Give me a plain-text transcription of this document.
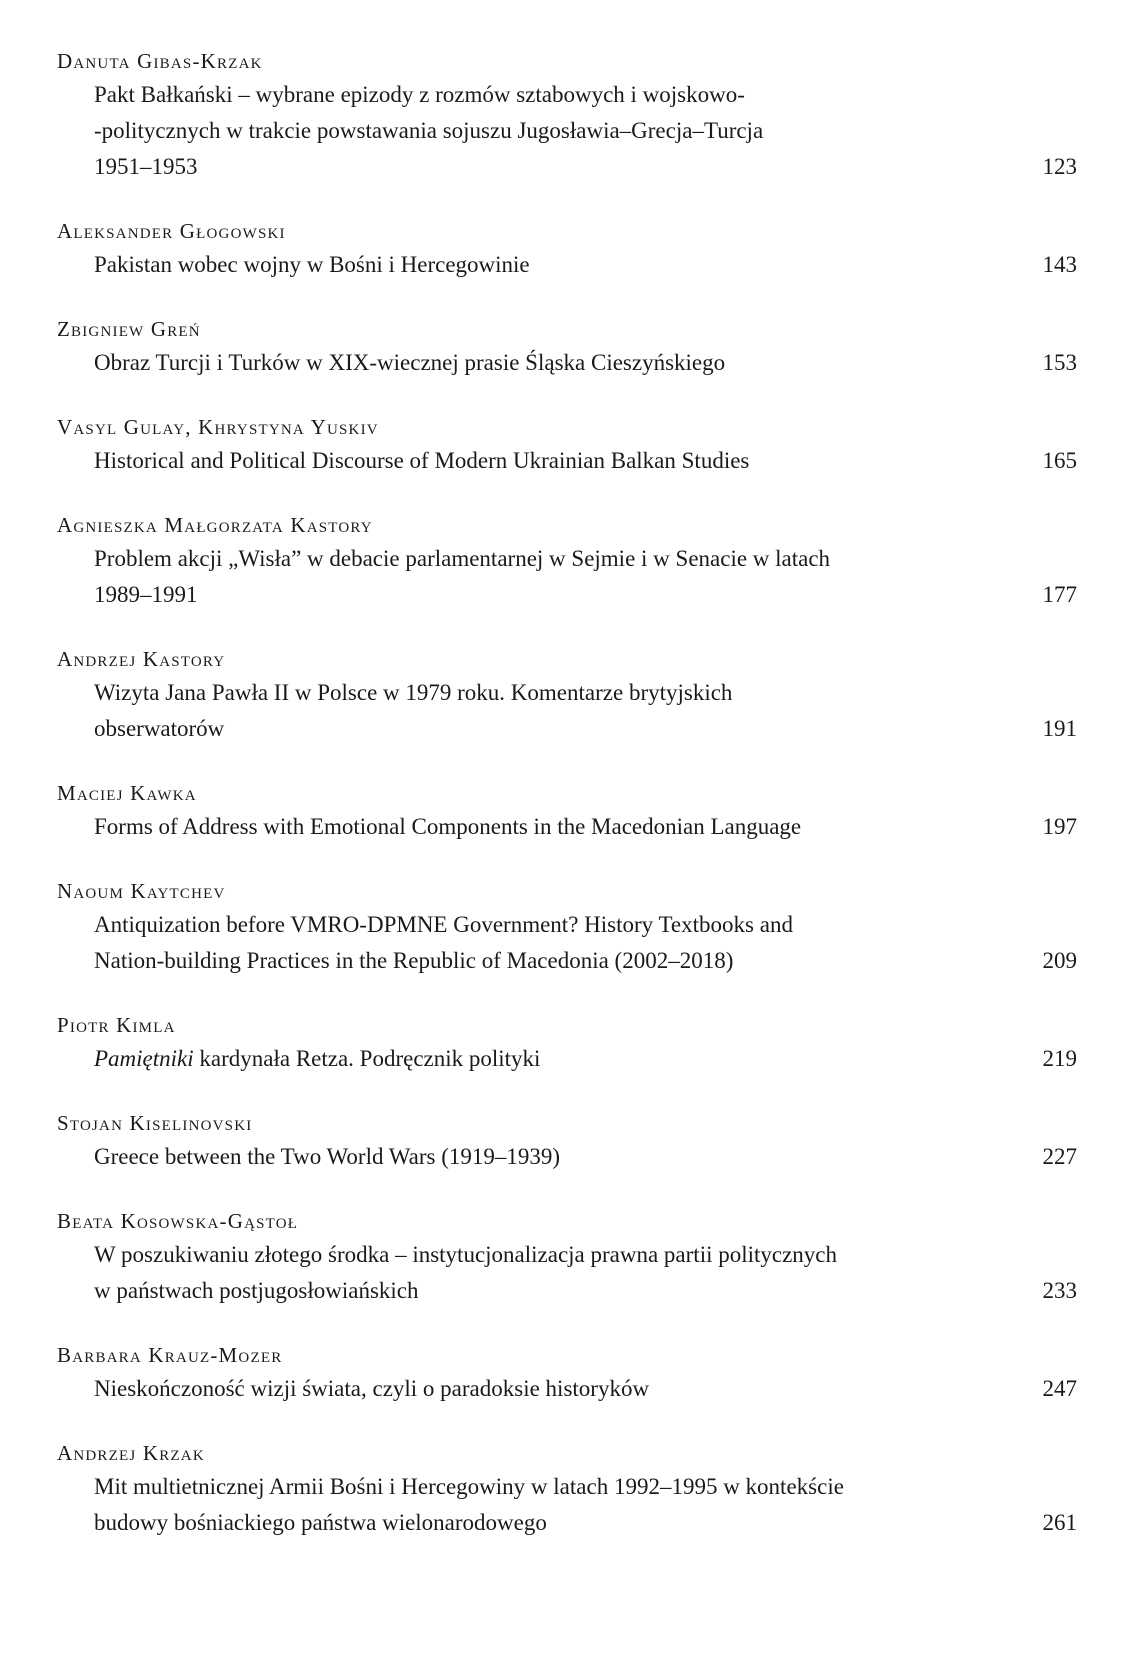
Danuta Gibas-Krzak
Pakt Bałkański – wybrane epizody z rozmów sztabowych i wojskowo-
-politycznych w trakcie powstawania sojuszu Jugosławia–Grecja–Turcja
1951–1953	123
Aleksander Głogowski
Pakistan wobec wojny w Bośni i Hercegowinie	143
Zbigniew Greń
Obraz Turcji i Turków w XIX-wiecznej prasie Śląska Cieszyńskiego	153
Vasyl Gulay, Khrystyna Yuskiv
Historical and Political Discourse of Modern Ukrainian Balkan Studies	165
Agnieszka Małgorzata Kastory
Problem akcji „Wisła” w debacie parlamentarnej w Sejmie i w Senacie w latach
1989–1991	177
Andrzej Kastory
Wizyta Jana Pawła II w Polsce w 1979 roku. Komentarze brytyjskich
obserwatorów	191
Maciej Kawka
Forms of Address with Emotional Components in the Macedonian Language	197
Naoum Kaytchev
Antiquization before VMRO-DPMNE Government? History Textbooks and
Nation-building Practices in the Republic of Macedonia (2002–2018)	209
Piotr Kimla
Pamiętniki kardynała Retza. Podręcznik polityki	219
Stojan Kiselinovski
Greece between the Two World Wars (1919–1939)	227
Beata Kosowska-Gąstoł
W poszukiwaniu złotego środka – instytucjonalizacja prawna partii politycznych
w państwach postjugosłowiańskich	233
Barbara Krauz-Mozer
Nieskończoność wizji świata, czyli o paradoksie historyków	247
Andrzej Krzak
Mit multietnicznej Armii Bośni i Hercegowiny w latach 1992–1995 w kontekście
budowy bośniackiego państwa wielonarodowego	261
